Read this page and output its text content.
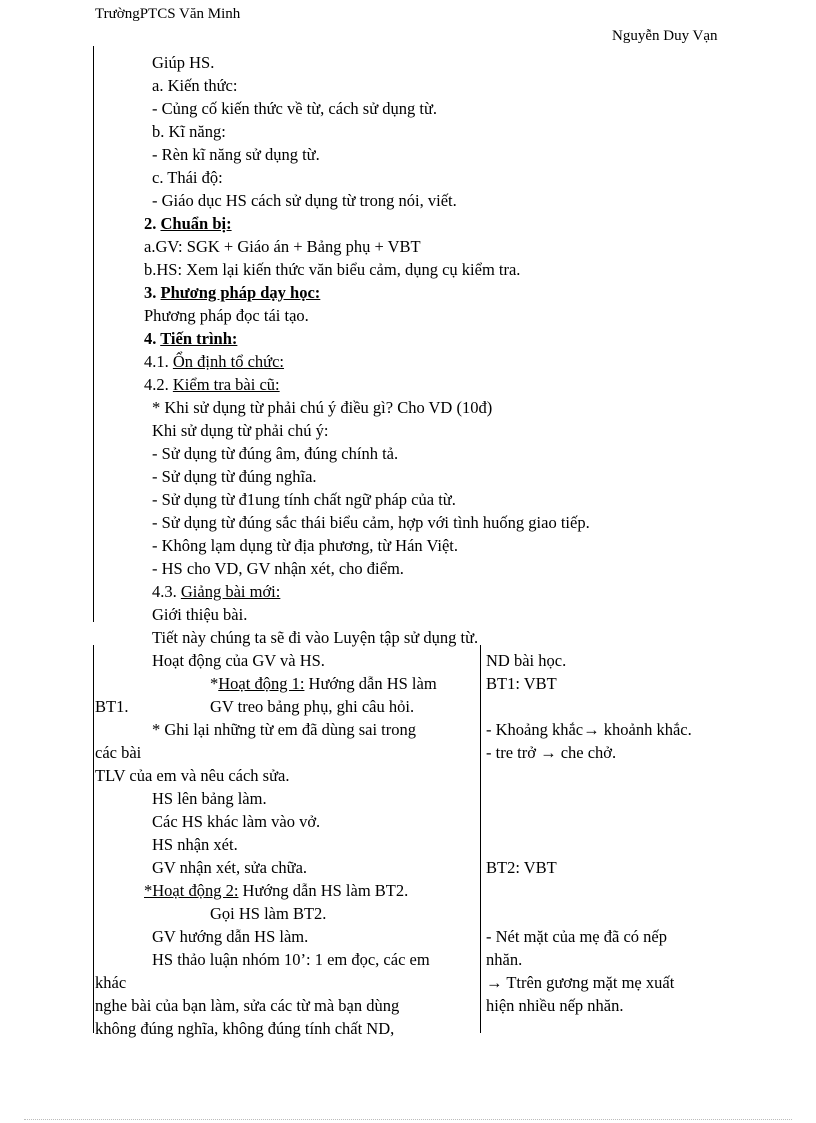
TrườngPTCS Văn Minh
Nguyễn Duy Vạn
Giúp HS.
a. Kiến thức:
- Củng cố kiến thức về từ, cách sử dụng từ.
b. Kĩ năng:
- Rèn kĩ năng sử dụng từ.
c. Thái độ:
- Giáo dục HS cách sử dụng từ trong nói, viết.
2. Chuẩn bị:
a.GV: SGK + Giáo án + Bảng phụ + VBT
b.HS: Xem lại kiến thức văn biểu cảm, dụng cụ kiểm tra.
3. Phương pháp dạy học:
Phương pháp đọc tái tạo.
4. Tiến trình:
4.1. Ổn định tổ chức:
4.2. Kiểm tra bài cũ:
* Khi sử dụng từ phải chú ý điều gì? Cho VD (10đ)
Khi sử dụng từ phải chú ý:
- Sử dụng từ đúng âm, đúng chính tả.
- Sử dụng từ đúng nghĩa.
- Sử dụng từ đ1ung tính chất ngữ pháp của từ.
- Sử dụng từ đúng sắc thái biểu cảm, hợp với tình huống giao tiếp.
- Không lạm dụng từ địa phương, từ Hán Việt.
- HS cho VD, GV nhận xét, cho điểm.
4.3. Giảng bài mới:
Giới thiệu bài.
Tiết này chúng ta sẽ đi vào Luyện tập sử dụng từ.
Hoạt động của GV và HS.
*Hoạt động 1: Hướng dẫn HS làm
BT1.	GV treo bảng phụ, ghi câu hỏi.
* Ghi lại những từ em đã dùng sai trong
các bài
TLV của em và nêu cách sửa.
HS lên bảng làm.
Các HS khác làm vào vở.
HS nhận xét.
GV nhận xét, sửa chữa.
*Hoạt động 2: Hướng dẫn HS làm BT2.
Gọi HS làm BT2.
GV hướng dẫn HS làm.
HS thảo luận nhóm 10’: 1 em đọc, các em
khác
nghe bài của bạn làm, sửa các từ mà bạn dùng
không đúng nghĩa, không đúng tính chất ND,
ND bài học.
BT1: VBT
- Khoảng khắc→ khoảnh khắc.
- tre trở → che chở.
BT2: VBT
- Nét mặt của mẹ đã có nếp
nhăn.
→ Ttrên gương mặt mẹ xuất
hiện nhiều nếp nhăn.
